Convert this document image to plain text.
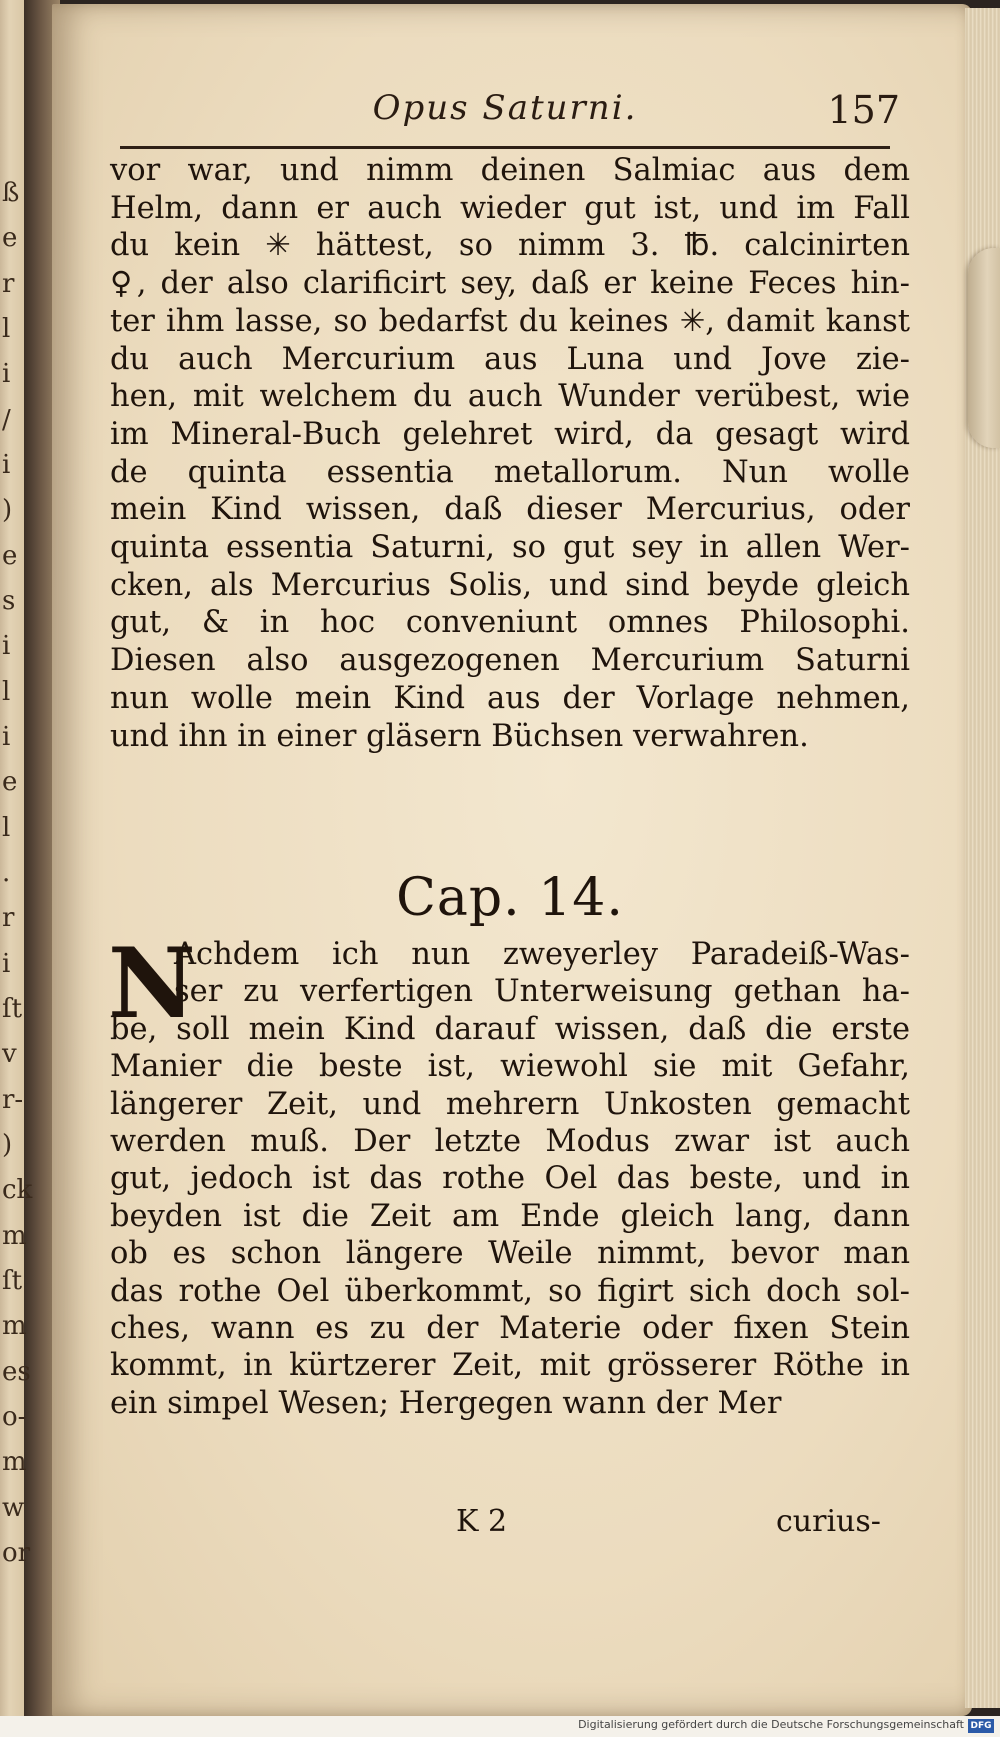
ß
e
r
l
i
/
i
)
e
s
i
l
i
e
l
.
r
i
ſt
v
r-
)
ck
m
ſt
m
es
o-
m
w
or
Opus Saturni.	157
vor war, und nimm deinen Salmiac aus dem
Helm, dann er auch wieder gut ist, und im Fall
du kein ✳ hättest, so nimm 3. ℔. calcinirten
♀, der also clarificirt sey, daß er keine Feces hin-
ter ihm lasse, so bedarfst du keines ✳, damit kanst
du auch Mercurium aus Luna und Jove zie-
hen, mit welchem du auch Wunder verübest, wie
im Mineral-Buch gelehret wird, da gesagt wird
de quinta essentia metallorum. Nun wolle
mein Kind wissen, daß dieser Mercurius, oder
quinta essentia Saturni, so gut sey in allen Wer-
cken, als Mercurius Solis, und sind beyde gleich
gut, & in hoc conveniunt omnes Philosophi.
Diesen also ausgezogenen Mercurium Saturni
nun wolle mein Kind aus der Vorlage nehmen,
und ihn in einer gläsern Büchsen verwahren.
Cap. 14.
N
Achdem ich nun zweyerley Paradeiß-Was-
ser zu verfertigen Unterweisung gethan ha-
be, soll mein Kind darauf wissen, daß die erste
Manier die beste ist, wiewohl sie mit Gefahr,
längerer Zeit, und mehrern Unkosten gemacht
werden muß. Der letzte Modus zwar ist auch
gut, jedoch ist das rothe Oel das beste, und in
beyden ist die Zeit am Ende gleich lang, dann
ob es schon längere Weile nimmt, bevor man
das rothe Oel überkommt, so figirt sich doch sol-
ches, wann es zu der Materie oder fixen Stein
kommt, in kürtzerer Zeit, mit grösserer Röthe in
ein simpel Wesen; Hergegen wann der Mer
K 2	curius-
Digitalisierung gefördert durch die Deutsche Forschungsgemeinschaft DFG
